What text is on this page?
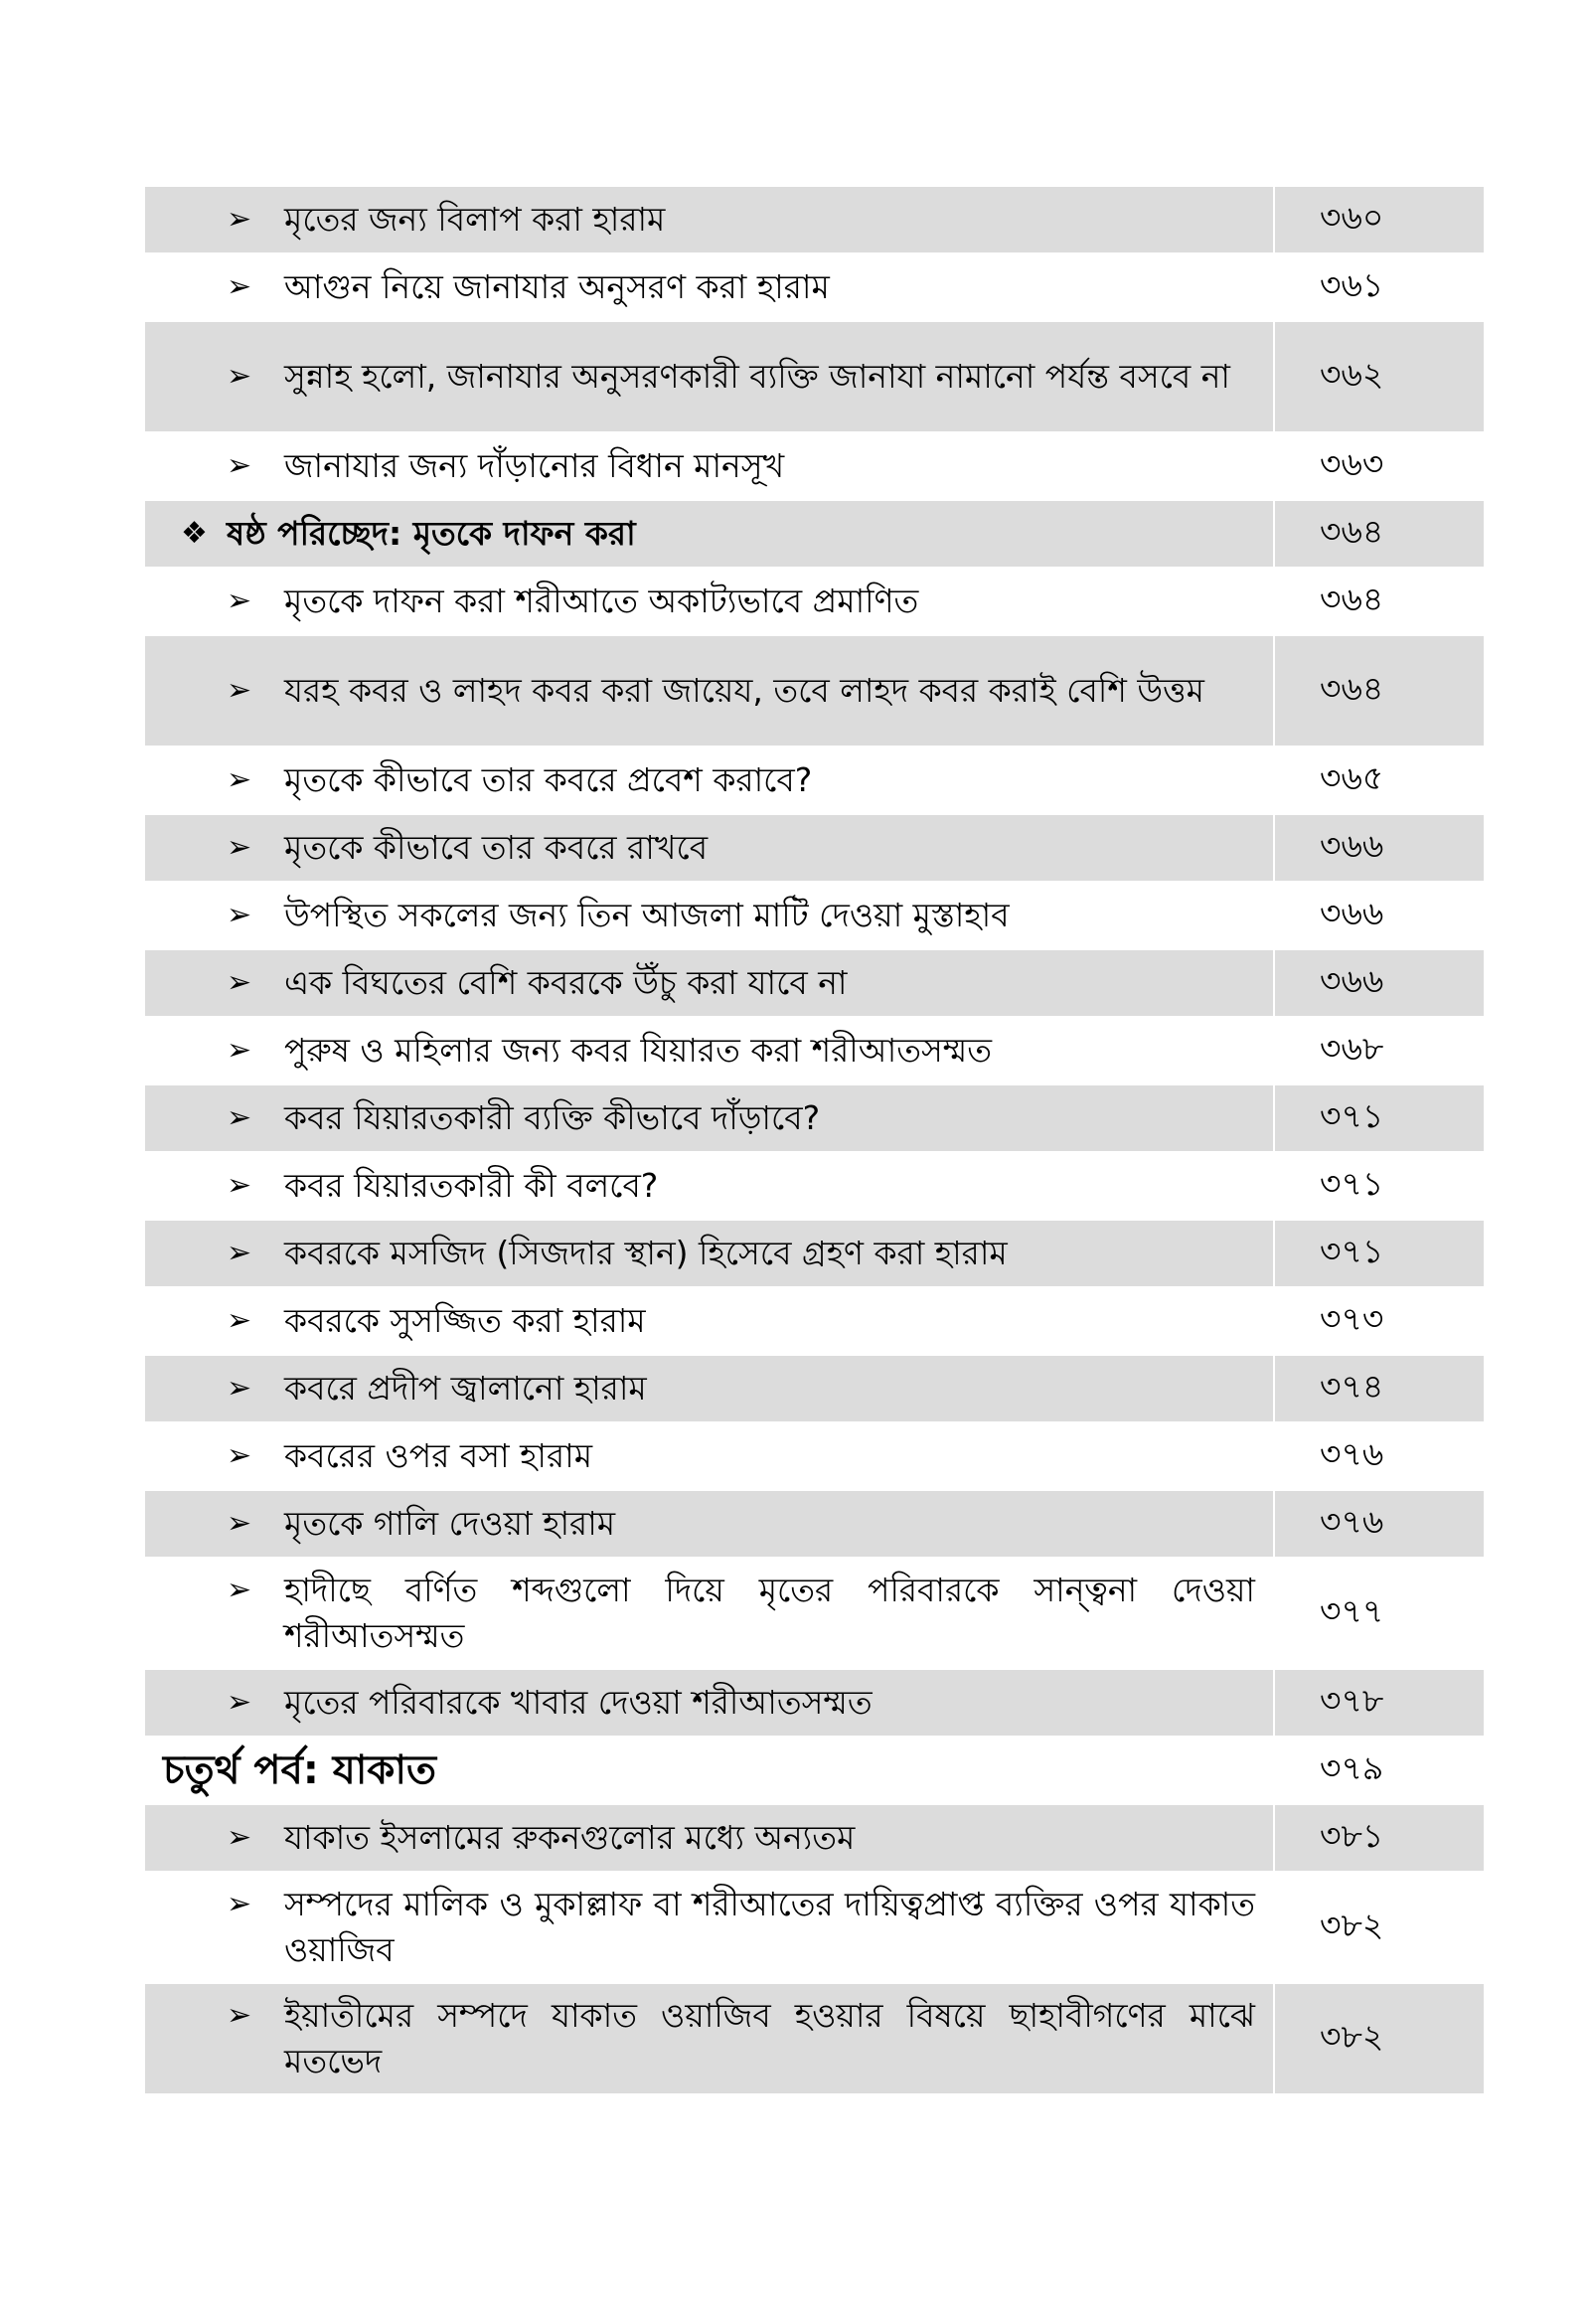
➢ মৃতের জন্য বিলাপ করা হারাম	৩৬০

➢ আগুন নিয়ে জানাযার অনুসরণ করা হারাম	৩৬১

➢ সুন্নাহ হলো, জানাযার অনুসরণকারী ব্যক্তি জানাযা নামানো পর্যন্ত বসবে না	৩৬২

➢ জানাযার জন্য দাঁড়ানোর বিধান মানসূখ	৩৬৩

❖ ষষ্ঠ পরিচ্ছেদ: মৃতকে দাফন করা	৩৬৪

➢ মৃতকে দাফন করা শরীআতে অকাট্যভাবে প্রমাণিত	৩৬৪

➢ যরহ কবর ও লাহদ কবর করা জায়েয, তবে লাহদ কবর করাই বেশি উত্তম	৩৬৪

➢ মৃতকে কীভাবে তার কবরে প্রবেশ করাবে?	৩৬৫

➢ মৃতকে কীভাবে তার কবরে রাখবে	৩৬৬

➢ উপস্থিত সকলের জন্য তিন আজলা মাটি দেওয়া মুস্তাহাব	৩৬৬

➢ এক বিঘতের বেশি কবরকে উঁচু করা যাবে না	৩৬৬

➢ পুরুষ ও মহিলার জন্য কবর যিয়ারত করা শরীআতসম্মত	৩৬৮

➢ কবর যিয়ারতকারী ব্যক্তি কীভাবে দাঁড়াবে?	৩৭১

➢ কবর যিয়ারতকারী কী বলবে?	৩৭১

➢ কবরকে মসজিদ (সিজদার স্থান) হিসেবে গ্রহণ করা হারাম	৩৭১

➢ কবরকে সুসজ্জিত করা হারাম	৩৭৩

➢ কবরে প্রদীপ জ্বালানো হারাম	৩৭৪

➢ কবরের ওপর বসা হারাম	৩৭৬

➢ মৃতকে গালি দেওয়া হারাম	৩৭৬

➢ হাদীছে বর্ণিত শব্দগুলো দিয়ে মৃতের পরিবারকে সান্ত্বনা দেওয়া শরীআতসম্মত	৩৭৭

➢ মৃতের পরিবারকে খাবার দেওয়া শরীআতসম্মত	৩৭৮

চতুর্থ পর্ব: যাকাত	৩৭৯

➢ যাকাত ইসলামের রুকনগুলোর মধ্যে অন্যতম	৩৮১

➢ সম্পদের মালিক ও মুকাল্লাফ বা শরীআতের দায়িত্বপ্রাপ্ত ব্যক্তির ওপর যাকাত ওয়াজিব	৩৮২

➢ ইয়াতীমের সম্পদে যাকাত ওয়াজিব হওয়ার বিষয়ে ছাহাবীগণের মাঝে মতভেদ	৩৮২
